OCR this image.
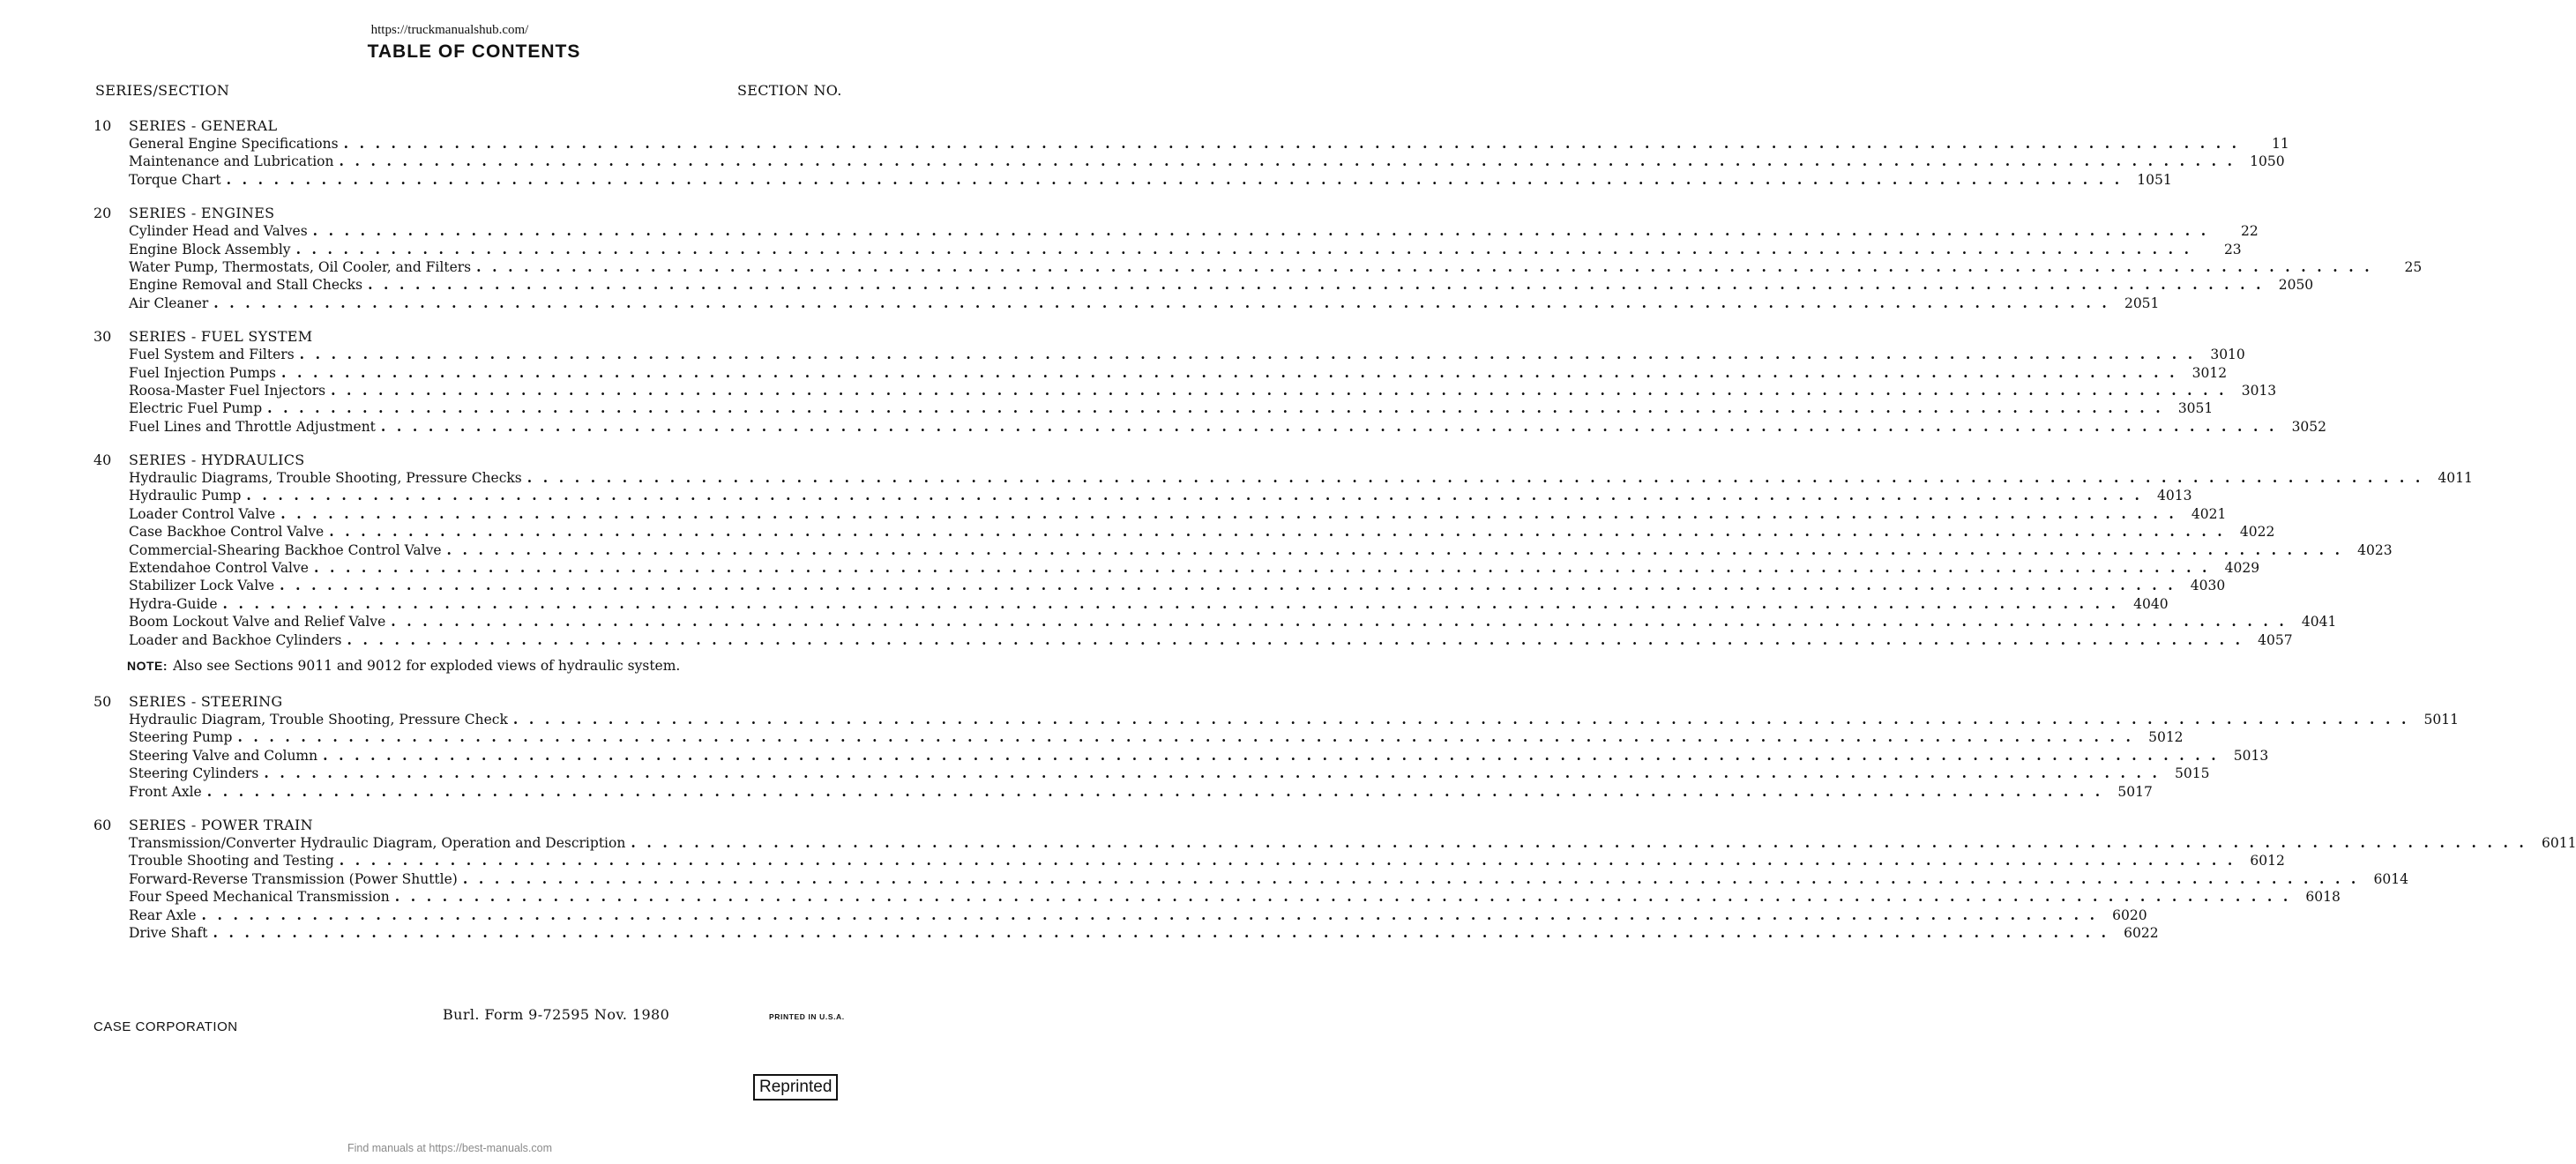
https://truckmanualshub.com/
TABLE OF CONTENTS
SERIES/SECTION	SECTION NO.
10	SERIES - GENERAL
General Engine Specifications . . . . . . . . . . . . . . . . . . . . . . . . . . . . . . . . . . . . . . . . . . . . . . . . . . . . . . . . . . . . . . . . . . . . . . . . . . . . . . . . . . . . . . . . . . . . . . . . . . . . . . . . . . . . . . . . . . . . . . . .	11
Maintenance and Lubrication . . . . . . . . . . . . . . . . . . . . . . . . . . . . . . . . . . . . . . . . . . . . . . . . . . . . . . . . . . . . . . . . . . . . . . . . . . . . . . . . . . . . . . . . . . . . . . . . . . . . . . . . . . . . . . . . . . . . . . . .	1050
Torque Chart . . . . . . . . . . . . . . . . . . . . . . . . . . . . . . . . . . . . . . . . . . . . . . . . . . . . . . . . . . . . . . . . . . . . . . . . . . . . . . . . . . . . . . . . . . . . . . . . . . . . . . . . . . . . . . . . . . . . . . . .	1051
20	SERIES - ENGINES
Cylinder Head and Valves . . . . . . . . . . . . . . . . . . . . . . . . . . . . . . . . . . . . . . . . . . . . . . . . . . . . . . . . . . . . . . . . . . . . . . . . . . . . . . . . . . . . . . . . . . . . . . . . . . . . . . . . . . . . . . . . . . . . . . . .	22
Engine Block Assembly . . . . . . . . . . . . . . . . . . . . . . . . . . . . . . . . . . . . . . . . . . . . . . . . . . . . . . . . . . . . . . . . . . . . . . . . . . . . . . . . . . . . . . . . . . . . . . . . . . . . . . . . . . . . . . . . . . . . . . . .	23
Water Pump, Thermostats, Oil Cooler, and Filters . . . . . . . . . . . . . . . . . . . . . . . . . . . . . . . . . . . . . . . . . . . . . . . . . . . . . . . . . . . . . . . . . . . . . . . . . . . . . . . . . . . . . . . . . . . . . . . . . . . . . . . . . . . . . . . . . . . . . . . .	25
Engine Removal and Stall Checks . . . . . . . . . . . . . . . . . . . . . . . . . . . . . . . . . . . . . . . . . . . . . . . . . . . . . . . . . . . . . . . . . . . . . . . . . . . . . . . . . . . . . . . . . . . . . . . . . . . . . . . . . . . . . . . . . . . . . . . .	2050
Air Cleaner . . . . . . . . . . . . . . . . . . . . . . . . . . . . . . . . . . . . . . . . . . . . . . . . . . . . . . . . . . . . . . . . . . . . . . . . . . . . . . . . . . . . . . . . . . . . . . . . . . . . . . . . . . . . . . . . . . . . . . . .	2051
30	SERIES - FUEL SYSTEM
Fuel System and Filters . . . . . . . . . . . . . . . . . . . . . . . . . . . . . . . . . . . . . . . . . . . . . . . . . . . . . . . . . . . . . . . . . . . . . . . . . . . . . . . . . . . . . . . . . . . . . . . . . . . . . . . . . . . . . . . . . . . . . . . .	3010
Fuel Injection Pumps . . . . . . . . . . . . . . . . . . . . . . . . . . . . . . . . . . . . . . . . . . . . . . . . . . . . . . . . . . . . . . . . . . . . . . . . . . . . . . . . . . . . . . . . . . . . . . . . . . . . . . . . . . . . . . . . . . . . . . . .	3012
Roosa-Master Fuel Injectors . . . . . . . . . . . . . . . . . . . . . . . . . . . . . . . . . . . . . . . . . . . . . . . . . . . . . . . . . . . . . . . . . . . . . . . . . . . . . . . . . . . . . . . . . . . . . . . . . . . . . . . . . . . . . . . . . . . . . . . .	3013
Electric Fuel Pump . . . . . . . . . . . . . . . . . . . . . . . . . . . . . . . . . . . . . . . . . . . . . . . . . . . . . . . . . . . . . . . . . . . . . . . . . . . . . . . . . . . . . . . . . . . . . . . . . . . . . . . . . . . . . . . . . . . . . . . .	3051
Fuel Lines and Throttle Adjustment . . . . . . . . . . . . . . . . . . . . . . . . . . . . . . . . . . . . . . . . . . . . . . . . . . . . . . . . . . . . . . . . . . . . . . . . . . . . . . . . . . . . . . . . . . . . . . . . . . . . . . . . . . . . . . . . . . . . . . . .	3052
40	SERIES - HYDRAULICS
Hydraulic Diagrams, Trouble Shooting, Pressure Checks . . . . . . . . . . . . . . . . . . . . . . . . . . . . . . . . . . . . . . . . . . . . . . . . . . . . . . . . . . . . . . . . . . . . . . . . . . . . . . . . . . . . . . . . . . . . . . . . . . . . . . . . . . . . . . . . . . . . . . . .	4011
Hydraulic Pump . . . . . . . . . . . . . . . . . . . . . . . . . . . . . . . . . . . . . . . . . . . . . . . . . . . . . . . . . . . . . . . . . . . . . . . . . . . . . . . . . . . . . . . . . . . . . . . . . . . . . . . . . . . . . . . . . . . . . . . .	4013
Loader Control Valve . . . . . . . . . . . . . . . . . . . . . . . . . . . . . . . . . . . . . . . . . . . . . . . . . . . . . . . . . . . . . . . . . . . . . . . . . . . . . . . . . . . . . . . . . . . . . . . . . . . . . . . . . . . . . . . . . . . . . . . .	4021
Case Backhoe Control Valve . . . . . . . . . . . . . . . . . . . . . . . . . . . . . . . . . . . . . . . . . . . . . . . . . . . . . . . . . . . . . . . . . . . . . . . . . . . . . . . . . . . . . . . . . . . . . . . . . . . . . . . . . . . . . . . . . . . . . . . .	4022
Commercial-Shearing Backhoe Control Valve . . . . . . . . . . . . . . . . . . . . . . . . . . . . . . . . . . . . . . . . . . . . . . . . . . . . . . . . . . . . . . . . . . . . . . . . . . . . . . . . . . . . . . . . . . . . . . . . . . . . . . . . . . . . . . . . . . . . . . . .	4023
Extendahoe Control Valve . . . . . . . . . . . . . . . . . . . . . . . . . . . . . . . . . . . . . . . . . . . . . . . . . . . . . . . . . . . . . . . . . . . . . . . . . . . . . . . . . . . . . . . . . . . . . . . . . . . . . . . . . . . . . . . . . . . . . . . .	4029
Stabilizer Lock Valve . . . . . . . . . . . . . . . . . . . . . . . . . . . . . . . . . . . . . . . . . . . . . . . . . . . . . . . . . . . . . . . . . . . . . . . . . . . . . . . . . . . . . . . . . . . . . . . . . . . . . . . . . . . . . . . . . . . . . . . .	4030
Hydra-Guide . . . . . . . . . . . . . . . . . . . . . . . . . . . . . . . . . . . . . . . . . . . . . . . . . . . . . . . . . . . . . . . . . . . . . . . . . . . . . . . . . . . . . . . . . . . . . . . . . . . . . . . . . . . . . . . . . . . . . . . .	4040
Boom Lockout Valve and Relief Valve . . . . . . . . . . . . . . . . . . . . . . . . . . . . . . . . . . . . . . . . . . . . . . . . . . . . . . . . . . . . . . . . . . . . . . . . . . . . . . . . . . . . . . . . . . . . . . . . . . . . . . . . . . . . . . . . . . . . . . . .	4041
Loader and Backhoe Cylinders . . . . . . . . . . . . . . . . . . . . . . . . . . . . . . . . . . . . . . . . . . . . . . . . . . . . . . . . . . . . . . . . . . . . . . . . . . . . . . . . . . . . . . . . . . . . . . . . . . . . . . . . . . . . . . . . . . . . . . . .	4057
NOTE: Also see Sections 9011 and 9012 for exploded views of hydraulic system.
50	SERIES - STEERING
Hydraulic Diagram, Trouble Shooting, Pressure Check . . . . . . . . . . . . . . . . . . . . . . . . . . . . . . . . . . . . . . . . . . . . . . . . . . . . . . . . . . . . . . . . . . . . . . . . . . . . . . . . . . . . . . . . . . . . . . . . . . . . . . . . . . . . . . . . . . . . . . . .	5011
Steering Pump . . . . . . . . . . . . . . . . . . . . . . . . . . . . . . . . . . . . . . . . . . . . . . . . . . . . . . . . . . . . . . . . . . . . . . . . . . . . . . . . . . . . . . . . . . . . . . . . . . . . . . . . . . . . . . . . . . . . . . . .	5012
Steering Valve and Column . . . . . . . . . . . . . . . . . . . . . . . . . . . . . . . . . . . . . . . . . . . . . . . . . . . . . . . . . . . . . . . . . . . . . . . . . . . . . . . . . . . . . . . . . . . . . . . . . . . . . . . . . . . . . . . . . . . . . . . .	5013
Steering Cylinders . . . . . . . . . . . . . . . . . . . . . . . . . . . . . . . . . . . . . . . . . . . . . . . . . . . . . . . . . . . . . . . . . . . . . . . . . . . . . . . . . . . . . . . . . . . . . . . . . . . . . . . . . . . . . . . . . . . . . . . .	5015
Front Axle . . . . . . . . . . . . . . . . . . . . . . . . . . . . . . . . . . . . . . . . . . . . . . . . . . . . . . . . . . . . . . . . . . . . . . . . . . . . . . . . . . . . . . . . . . . . . . . . . . . . . . . . . . . . . . . . . . . . . . . .	5017
60	SERIES - POWER TRAIN
Transmission/Converter Hydraulic Diagram, Operation and Description . . . . . . . . . . . . . . . . . . . . . . . . . . . . . . . . . . . . . . . . . . . . . . . . . . . . . . . . . . . . . . . . . . . . . . . . . . . . . . . . . . . . . . . . . . . . . . . . . . . . . . . . . . . . . . . . . . . . . . . .	6011
Trouble Shooting and Testing . . . . . . . . . . . . . . . . . . . . . . . . . . . . . . . . . . . . . . . . . . . . . . . . . . . . . . . . . . . . . . . . . . . . . . . . . . . . . . . . . . . . . . . . . . . . . . . . . . . . . . . . . . . . . . . . . . . . . . . .	6012
Forward-Reverse Transmission (Power Shuttle) . . . . . . . . . . . . . . . . . . . . . . . . . . . . . . . . . . . . . . . . . . . . . . . . . . . . . . . . . . . . . . . . . . . . . . . . . . . . . . . . . . . . . . . . . . . . . . . . . . . . . . . . . . . . . . . . . . . . . . . .	6014
Four Speed Mechanical Transmission . . . . . . . . . . . . . . . . . . . . . . . . . . . . . . . . . . . . . . . . . . . . . . . . . . . . . . . . . . . . . . . . . . . . . . . . . . . . . . . . . . . . . . . . . . . . . . . . . . . . . . . . . . . . . . . . . . . . . . . .	6018
Rear Axle . . . . . . . . . . . . . . . . . . . . . . . . . . . . . . . . . . . . . . . . . . . . . . . . . . . . . . . . . . . . . . . . . . . . . . . . . . . . . . . . . . . . . . . . . . . . . . . . . . . . . . . . . . . . . . . . . . . . . . . .	6020
Drive Shaft . . . . . . . . . . . . . . . . . . . . . . . . . . . . . . . . . . . . . . . . . . . . . . . . . . . . . . . . . . . . . . . . . . . . . . . . . . . . . . . . . . . . . . . . . . . . . . . . . . . . . . . . . . . . . . . . . . . . . . . .	6022
CASE CORPORATION
Burl. Form 9-72595 Nov. 1980	PRINTED IN U.S.A.
Reprinted
Find manuals at https://best-manuals.com
